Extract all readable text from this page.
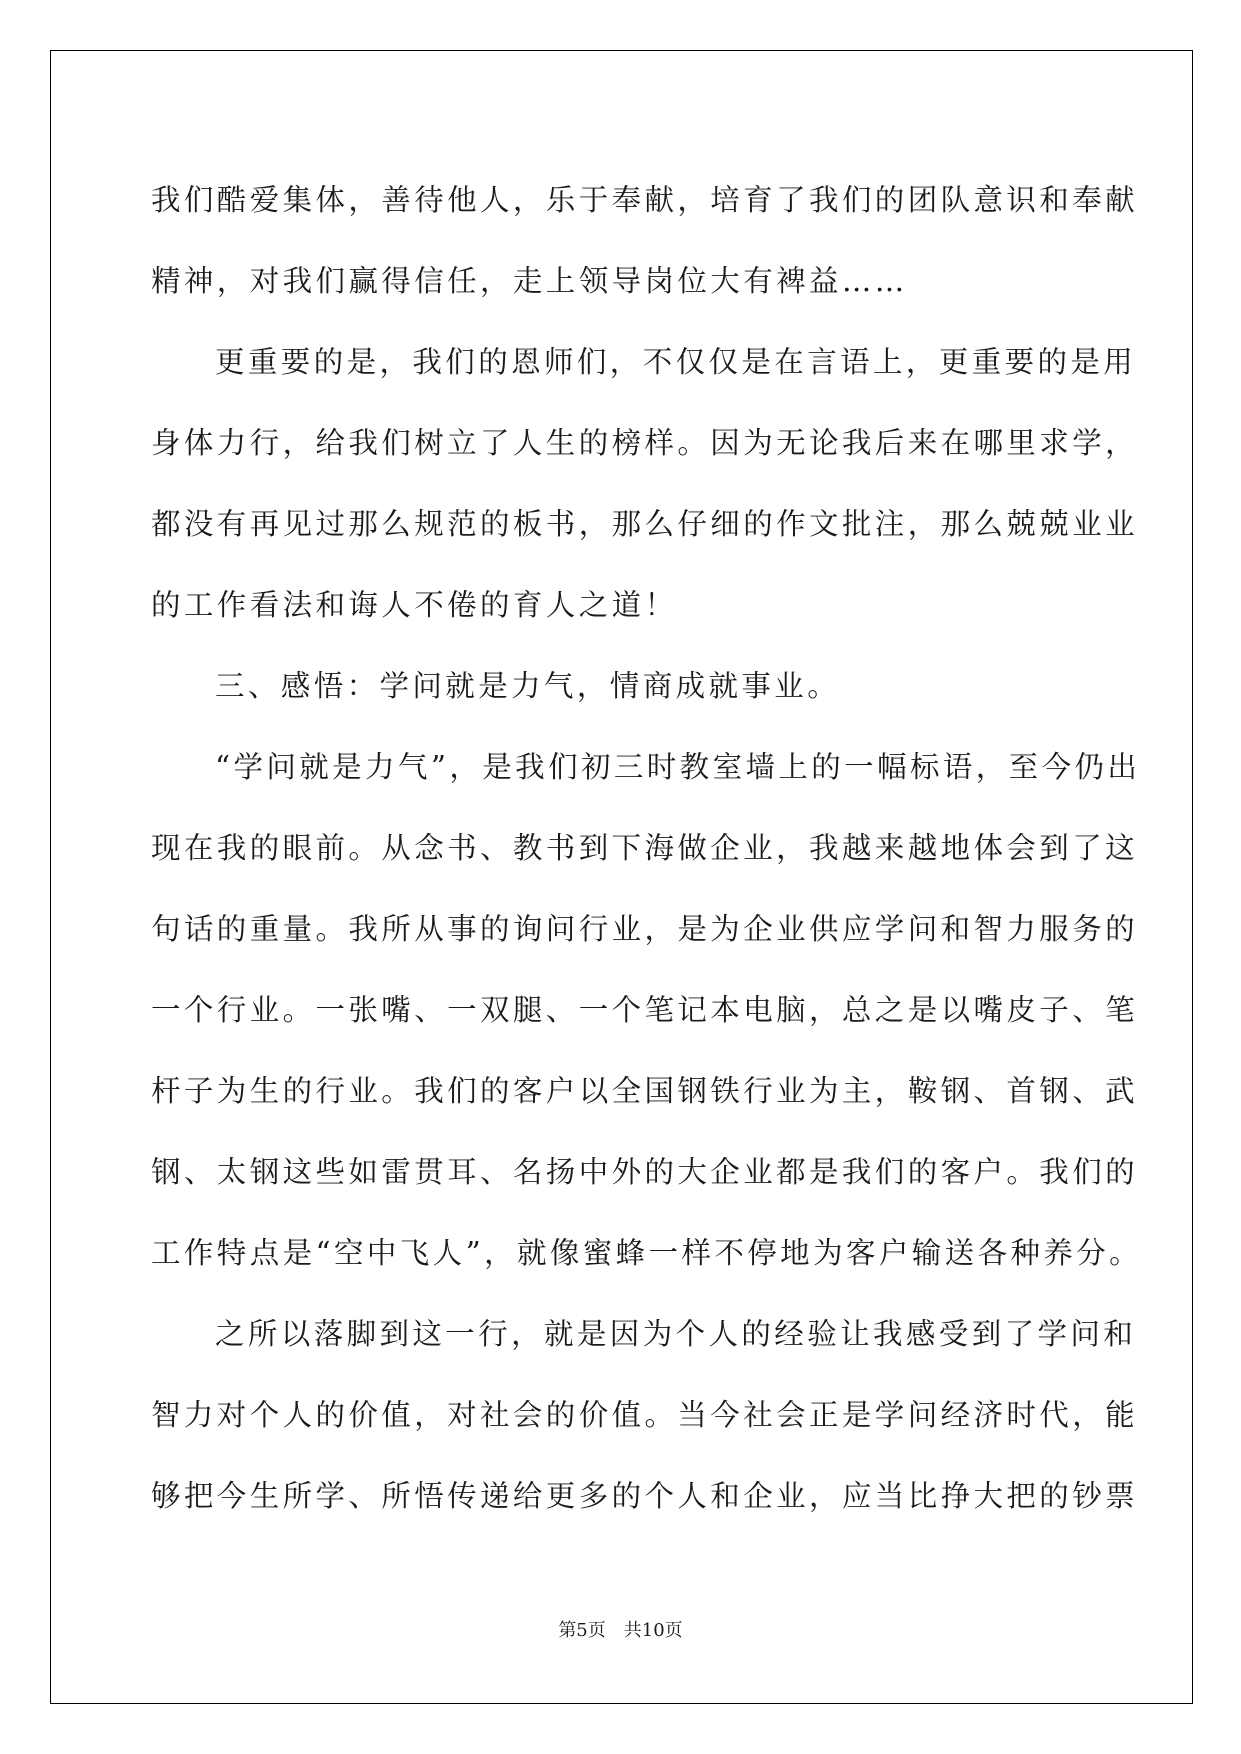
我们酷爱集体，善待他人，乐于奉献，培育了我们的团队意识和奉献
精神，对我们赢得信任，走上领导岗位大有裨益……
更重要的是，我们的恩师们，不仅仅是在言语上，更重要的是用
身体力行，给我们树立了人生的榜样。因为无论我后来在哪里求学，
都没有再见过那么规范的板书，那么仔细的作文批注，那么兢兢业业
的工作看法和诲人不倦的育人之道！
三、感悟：学问就是力气，情商成就事业。
“学问就是力气”，是我们初三时教室墙上的一幅标语，至今仍出
现在我的眼前。从念书、教书到下海做企业，我越来越地体会到了这
句话的重量。我所从事的询问行业，是为企业供应学问和智力服务的
一个行业。一张嘴、一双腿、一个笔记本电脑，总之是以嘴皮子、笔
杆子为生的行业。我们的客户以全国钢铁行业为主，鞍钢、首钢、武
钢、太钢这些如雷贯耳、名扬中外的大企业都是我们的客户。我们的
工作特点是“空中飞人”，就像蜜蜂一样不停地为客户输送各种养分。
之所以落脚到这一行，就是因为个人的经验让我感受到了学问和
智力对个人的价值，对社会的价值。当今社会正是学问经济时代，能
够把今生所学、所悟传递给更多的个人和企业，应当比挣大把的钞票
第5页 共10页
